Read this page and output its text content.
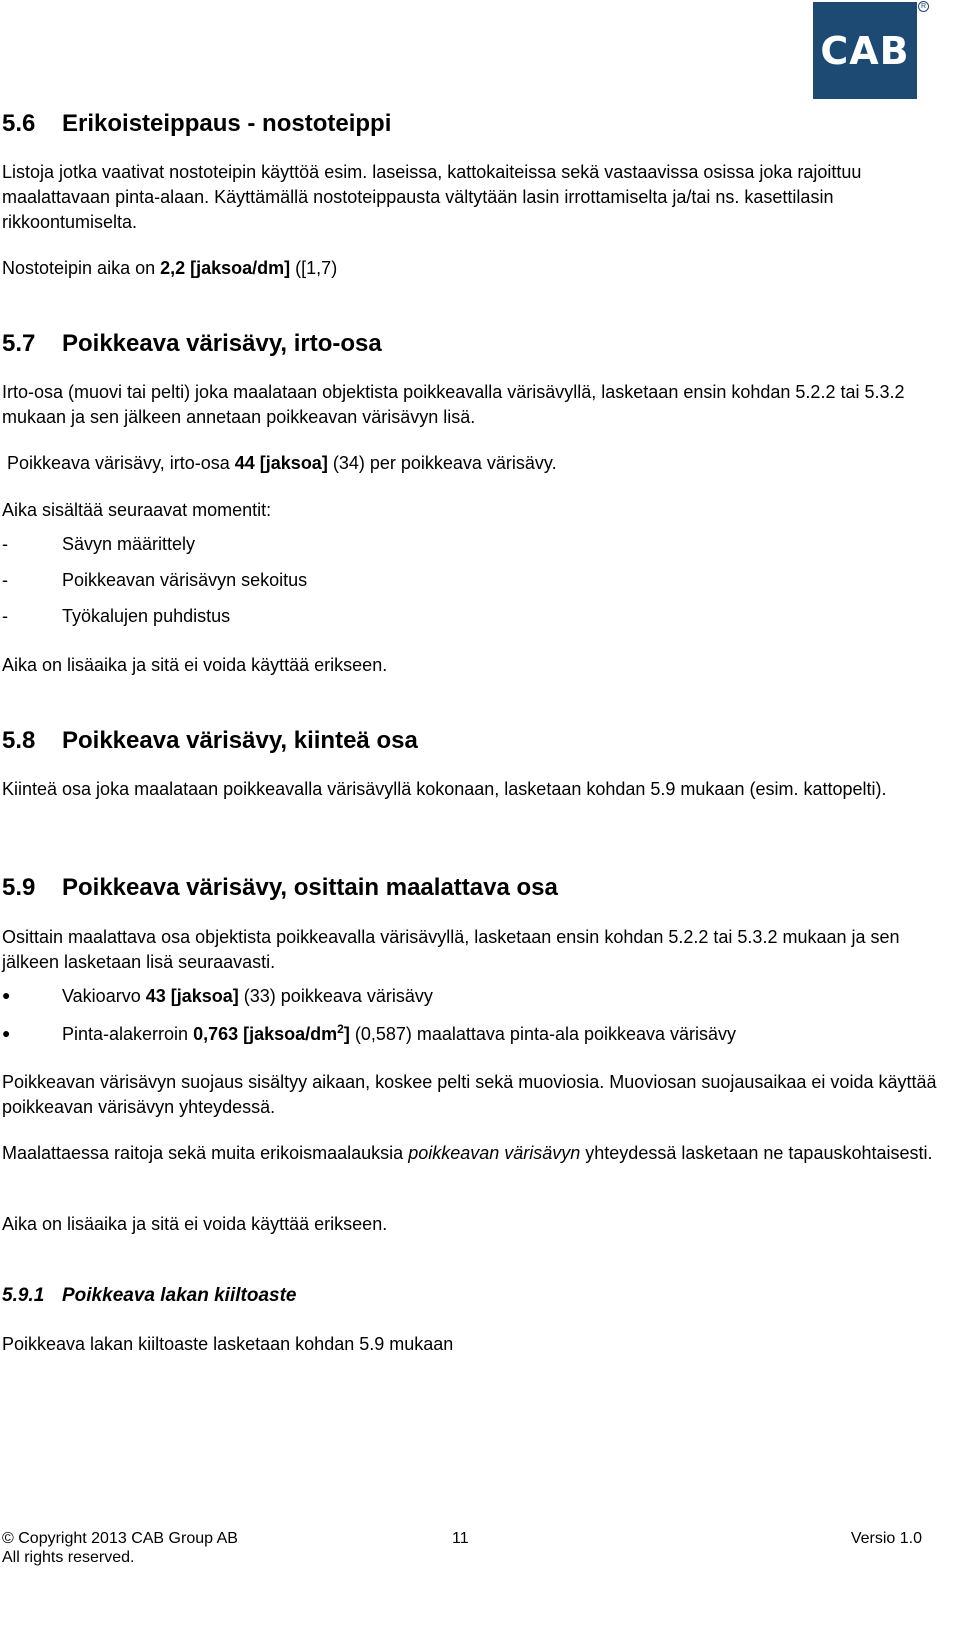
CAB
R
5.6 Erikoisteippaus - nostoteippi
Listoja jotka vaativat nostoteipin käyttöä esim. laseissa, kattokaiteissa sekä vastaavissa osissa joka rajoittuu maalattavaan pinta-alaan. Käyttämällä nostoteippausta vältytään lasin irrottamiselta ja/tai ns. kasettilasin rikkoontumiselta.
Nostoteipin aika on 2,2 [jaksoa/dm] ([1,7)
5.7 Poikkeava värisävy, irto-osa
Irto-osa (muovi tai pelti) joka maalataan objektista poikkeavalla värisävyllä, lasketaan ensin kohdan 5.2.2 tai 5.3.2 mukaan ja sen jälkeen annetaan poikkeavan värisävyn lisä.
Poikkeava värisävy, irto-osa 44 [jaksoa] (34) per poikkeava värisävy.
Aika sisältää seuraavat momentit:
-	Sävyn määrittely
-	Poikkeavan värisävyn sekoitus
-	Työkalujen puhdistus
Aika on lisäaika ja sitä ei voida käyttää erikseen.
5.8 Poikkeava värisävy, kiinteä osa
Kiinteä osa joka maalataan poikkeavalla värisävyllä kokonaan, lasketaan kohdan 5.9 mukaan (esim. kattopelti).
5.9 Poikkeava värisävy, osittain maalattava osa
Osittain maalattava osa objektista poikkeavalla värisävyllä, lasketaan ensin kohdan 5.2.2 tai 5.3.2 mukaan ja sen jälkeen lasketaan lisä seuraavasti.
●	Vakioarvo 43 [jaksoa] (33) poikkeava värisävy
●	Pinta-alakerroin 0,763 $[jaksoa/dm^2]$ (0,587) maalattava pinta-ala poikkeava värisävy
Poikkeavan värisävyn suojaus sisältyy aikaan, koskee pelti sekä muoviosia. Muoviosan suojausaikaa ei voida käyttää poikkeavan värisävyn yhteydessä.
Maalattaessa raitoja sekä muita erikoismaalauksia poikkeavan värisävyn yhteydessä lasketaan ne tapauskohtaisesti.
Aika on lisäaika ja sitä ei voida käyttää erikseen.
5.9.1 Poikkeava lakan kiiltoaste
Poikkeava lakan kiiltoaste lasketaan kohdan 5.9 mukaan
© Copyright 2013 CAB Group AB
All rights reserved.
11	Versio 1.0
